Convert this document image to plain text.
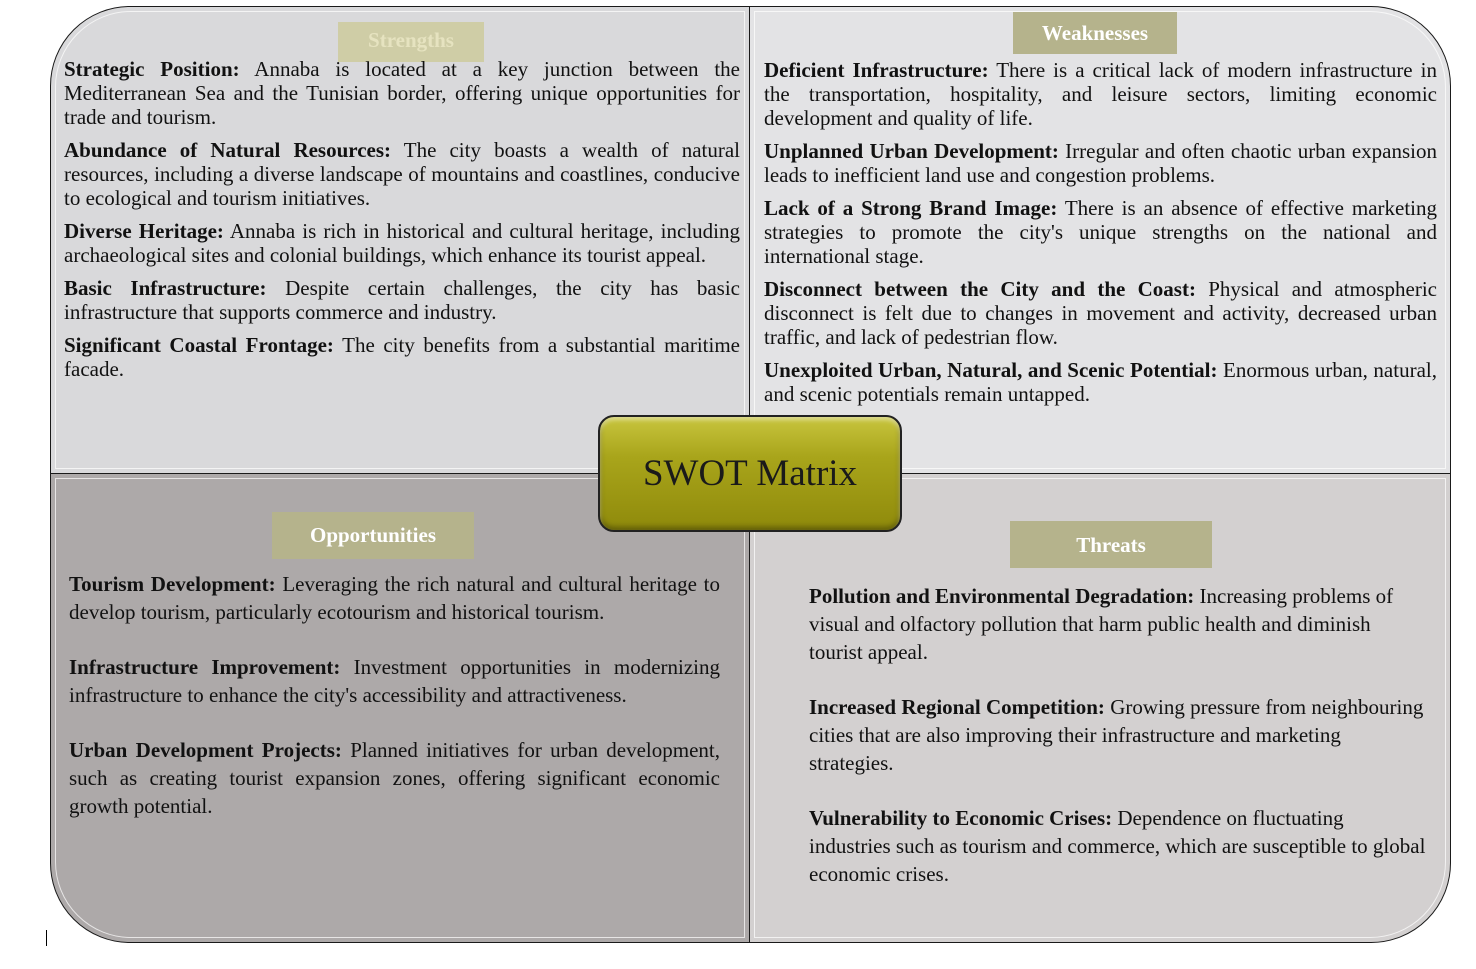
Strengths

Strategic Position: Annaba is located at a key junction between the Mediterranean Sea and the Tunisian border, offering unique opportunities for trade and tourism.

Abundance of Natural Resources: The city boasts a wealth of natural resources, including a diverse landscape of mountains and coastlines, conducive to ecological and tourism initiatives.

Diverse Heritage: Annaba is rich in historical and cultural heritage, including archaeological sites and colonial buildings, which enhance its tourist appeal.

Basic Infrastructure: Despite certain challenges, the city has basic infrastructure that supports commerce and industry.

Significant Coastal Frontage: The city benefits from a substantial maritime facade.

Weaknesses

Deficient Infrastructure: There is a critical lack of modern infrastructure in the transportation, hospitality, and leisure sectors, limiting economic development and quality of life.

Unplanned Urban Development: Irregular and often chaotic urban expansion leads to inefficient land use and congestion problems.

Lack of a Strong Brand Image: There is an absence of effective marketing strategies to promote the city's unique strengths on the national and international stage.

Disconnect between the City and the Coast: Physical and atmospheric disconnect is felt due to changes in movement and activity, decreased urban traffic, and lack of pedestrian flow.

Unexploited Urban, Natural, and Scenic Potential: Enormous urban, natural, and scenic potentials remain untapped.

Opportunities

Tourism Development: Leveraging the rich natural and cultural heritage to develop tourism, particularly ecotourism and historical tourism.

Infrastructure Improvement: Investment opportunities in modernizing infrastructure to enhance the city's accessibility and attractiveness.

Urban Development Projects: Planned initiatives for urban development, such as creating tourist expansion zones, offering significant economic growth potential.

Threats

Pollution and Environmental Degradation: Increasing problems of visual and olfactory pollution that harm public health and diminish tourist appeal.

Increased Regional Competition: Growing pressure from neighbouring cities that are also improving their infrastructure and marketing strategies.

Vulnerability to Economic Crises: Dependence on fluctuating industries such as tourism and commerce, which are susceptible to global economic crises.

SWOT Matrix
